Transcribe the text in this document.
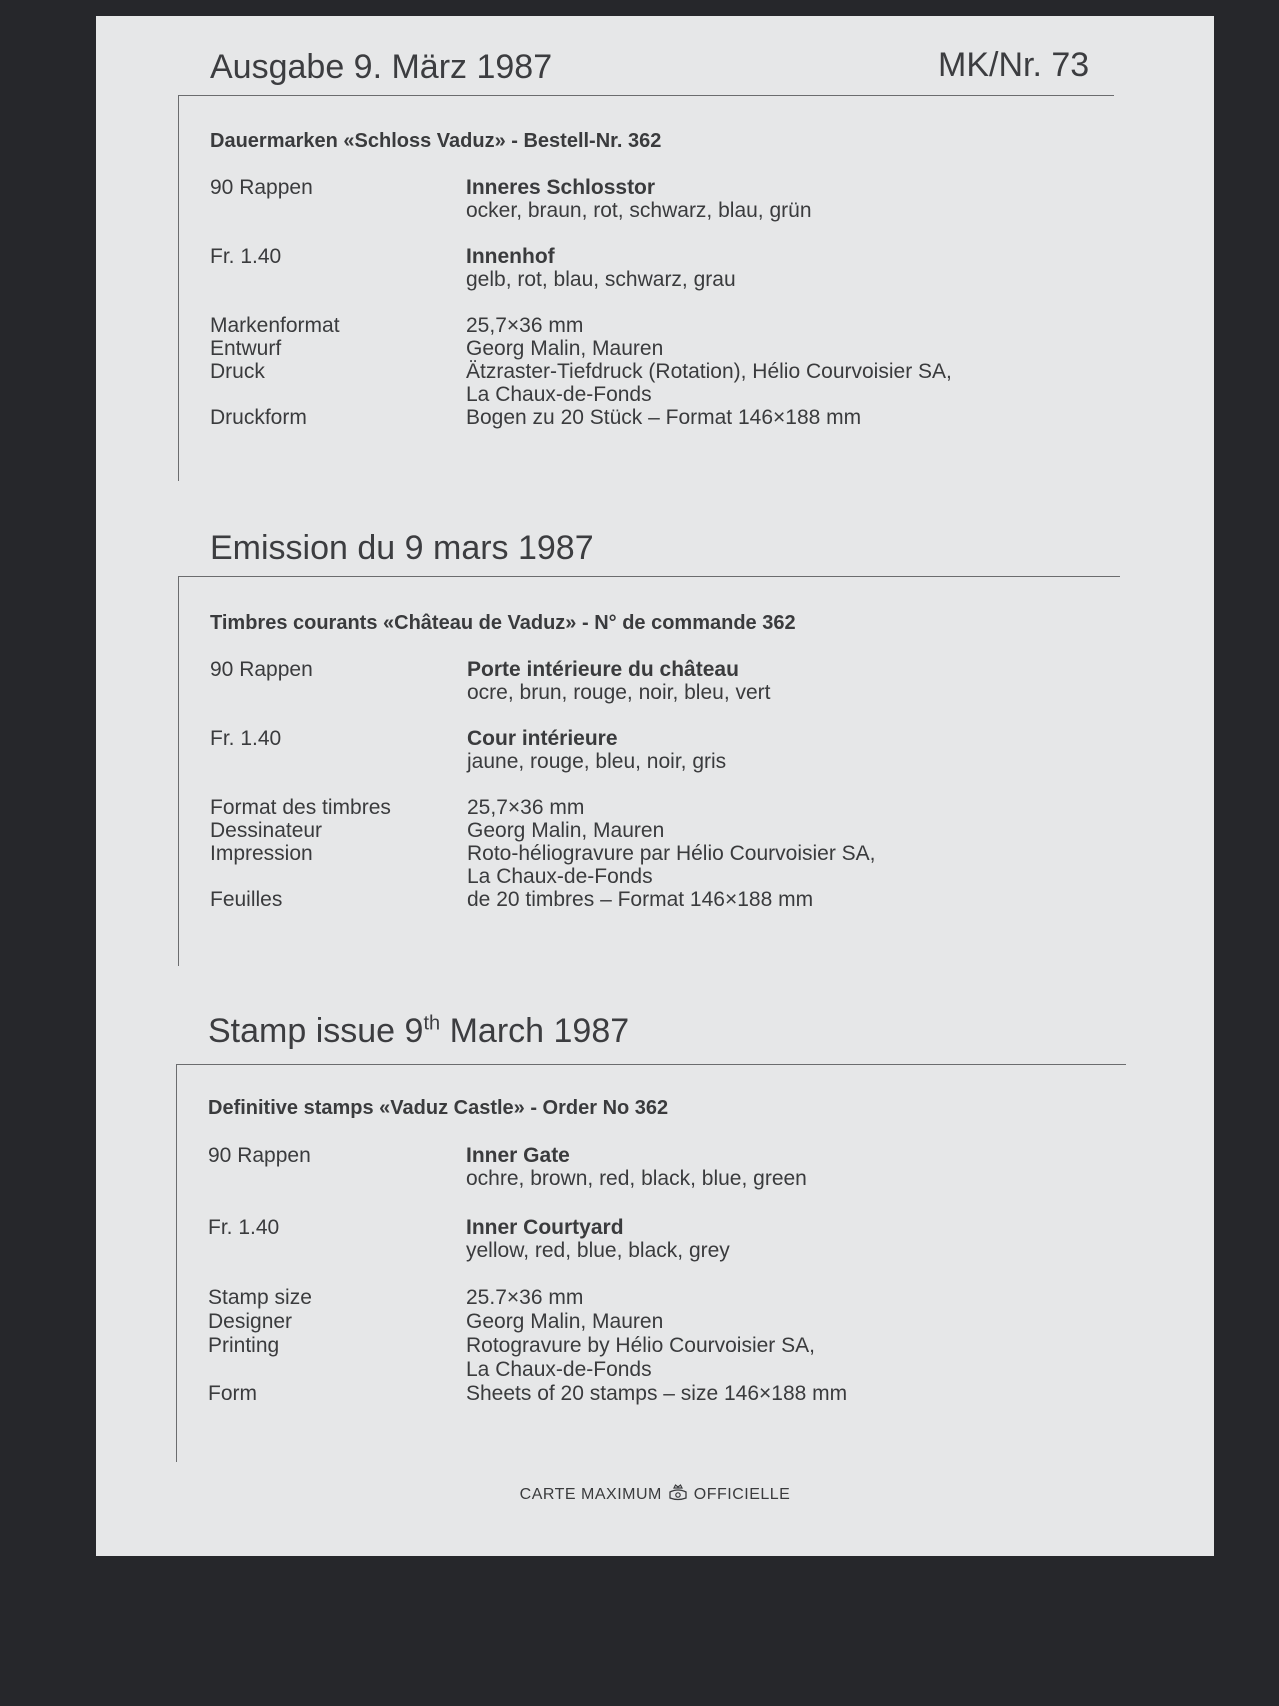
Ausgabe 9. März 1987	MK/Nr. 73
Dauermarken «Schloss Vaduz» - Bestell-Nr. 362
90 Rappen	Inneres Schlosstor
ocker, braun, rot, schwarz, blau, grün
Fr. 1.40	Innenhof
gelb, rot, blau, schwarz, grau
Markenformat	25,7×36 mm
Entwurf	Georg Malin, Mauren
Druck	Ätzraster-Tiefdruck (Rotation), Hélio Courvoisier SA,
La Chaux-de-Fonds
Druckform	Bogen zu 20 Stück – Format 146×188 mm
Emission du 9 mars 1987
Timbres courants «Château de Vaduz» - N° de commande 362
90 Rappen	Porte intérieure du château
ocre, brun, rouge, noir, bleu, vert
Fr. 1.40	Cour intérieure
jaune, rouge, bleu, noir, gris
Format des timbres	25,7×36 mm
Dessinateur	Georg Malin, Mauren
Impression	Roto-héliogravure par Hélio Courvoisier SA,
La Chaux-de-Fonds
Feuilles	de 20 timbres – Format 146×188 mm
Stamp issue 9th March 1987
Definitive stamps «Vaduz Castle» - Order No 362
90 Rappen	Inner Gate
ochre, brown, red, black, blue, green
Fr. 1.40	Inner Courtyard
yellow, red, blue, black, grey
Stamp size	25.7×36 mm
Designer	Georg Malin, Mauren
Printing	Rotogravure by Hélio Courvoisier SA,
La Chaux-de-Fonds
Form	Sheets of 20 stamps – size 146×188 mm
CARTE MAXIMUM OFFICIELLE
